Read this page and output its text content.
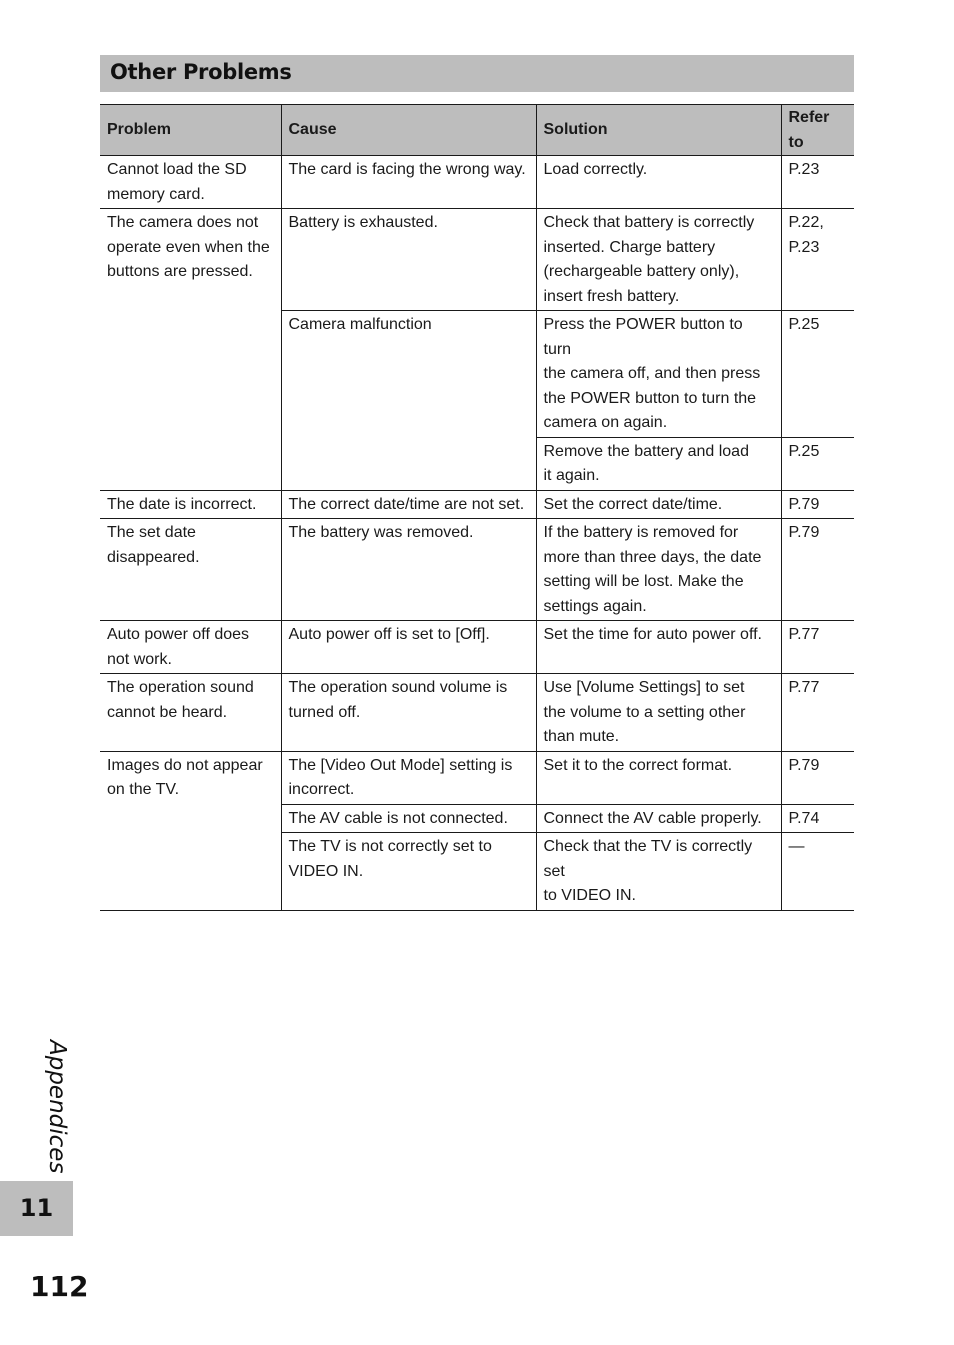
Other Problems
Problem	Cause	Solution	Refer to
Cannot load the SD
memory card.	The card is facing the wrong way.	Load correctly.	P.23
The camera does not
operate even when the
buttons are pressed.	Battery is exhausted.	Check that battery is correctly
inserted. Charge battery
(rechargeable battery only),
insert fresh battery.	P.22,
P.23
	Camera malfunction	Press the POWER button to turn
the camera off, and then press
the POWER button to turn the
camera on again.	P.25
		Remove the battery and load
it again.	P.25
The date is incorrect.	The correct date/time are not set.	Set the correct date/time.	P.79
The set date
disappeared.	The battery was removed.	If the battery is removed for
more than three days, the date
setting will be lost. Make the
settings again.	P.79
Auto power off does
not work.	Auto power off is set to [Off].	Set the time for auto power off.	P.77
The operation sound
cannot be heard.	The operation sound volume is
turned off.	Use [Volume Settings] to set
the volume to a setting other
than mute.	P.77
Images do not appear
on the TV.	The [Video Out Mode] setting is
incorrect.	Set it to the correct format.	P.79
	The AV cable is not connected.	Connect the AV cable properly.	P.74
	The TV is not correctly set to
VIDEO IN.	Check that the TV is correctly set
to VIDEO IN.	—
Appendices
11
112
